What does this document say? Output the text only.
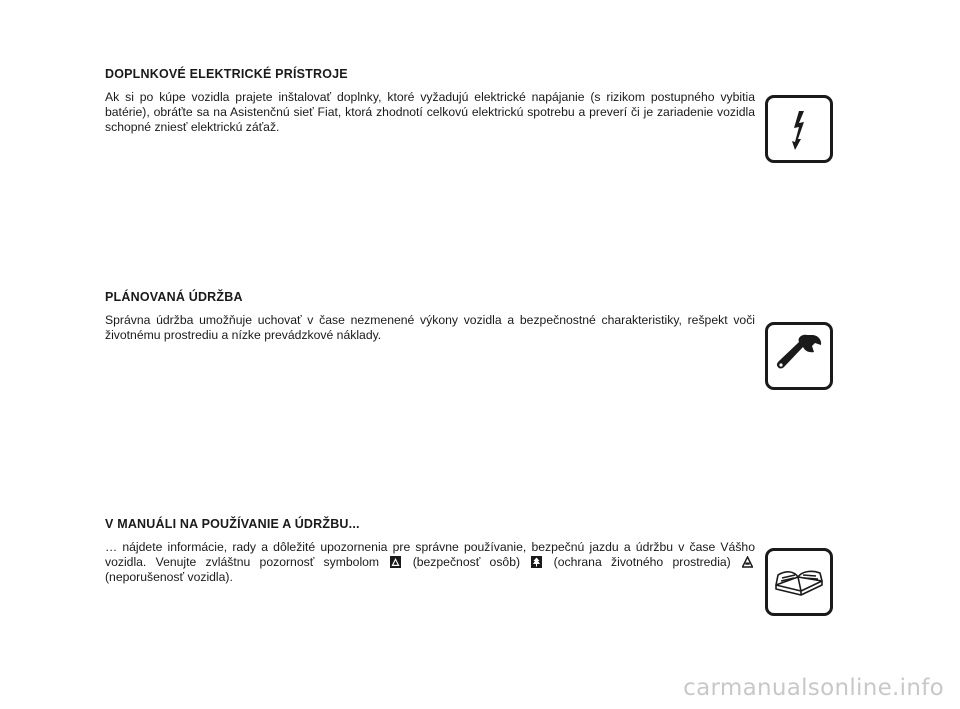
DOPLNKOVÉ ELEKTRICKÉ PRÍSTROJE

Ak si po kúpe vozidla prajete inštalovať doplnky, ktoré vyžadujú elektrické napájanie (s rizikom postupného vybitia batérie), obráťte sa na Asistenčnú sieť Fiat, ktorá zhodnotí celkovú elektrickú spotrebu a preverí či je zariadenie vozidla schopné zniesť elektrickú záťaž.

PLÁNOVANÁ ÚDRŽBA

Správna údržba umožňuje uchovať v čase nezmenené výkony vozidla a bezpečnostné charakteristiky, rešpekt voči životnému prostrediu a nízke prevádzkové náklady.

V MANUÁLI NA POUŽÍVANIE A ÚDRŽBU...

… nájdete informácie, rady a dôležité upozornenia pre správne používanie, bezpečnú jazdu a údržbu v čase Vášho vozidla. Venujte zvláštnu pozornosť symbolom	(bezpečnosť osôb)	(ochrana životného prostredia)  (neporušenosť vozidla).

carmanualsonline.info
